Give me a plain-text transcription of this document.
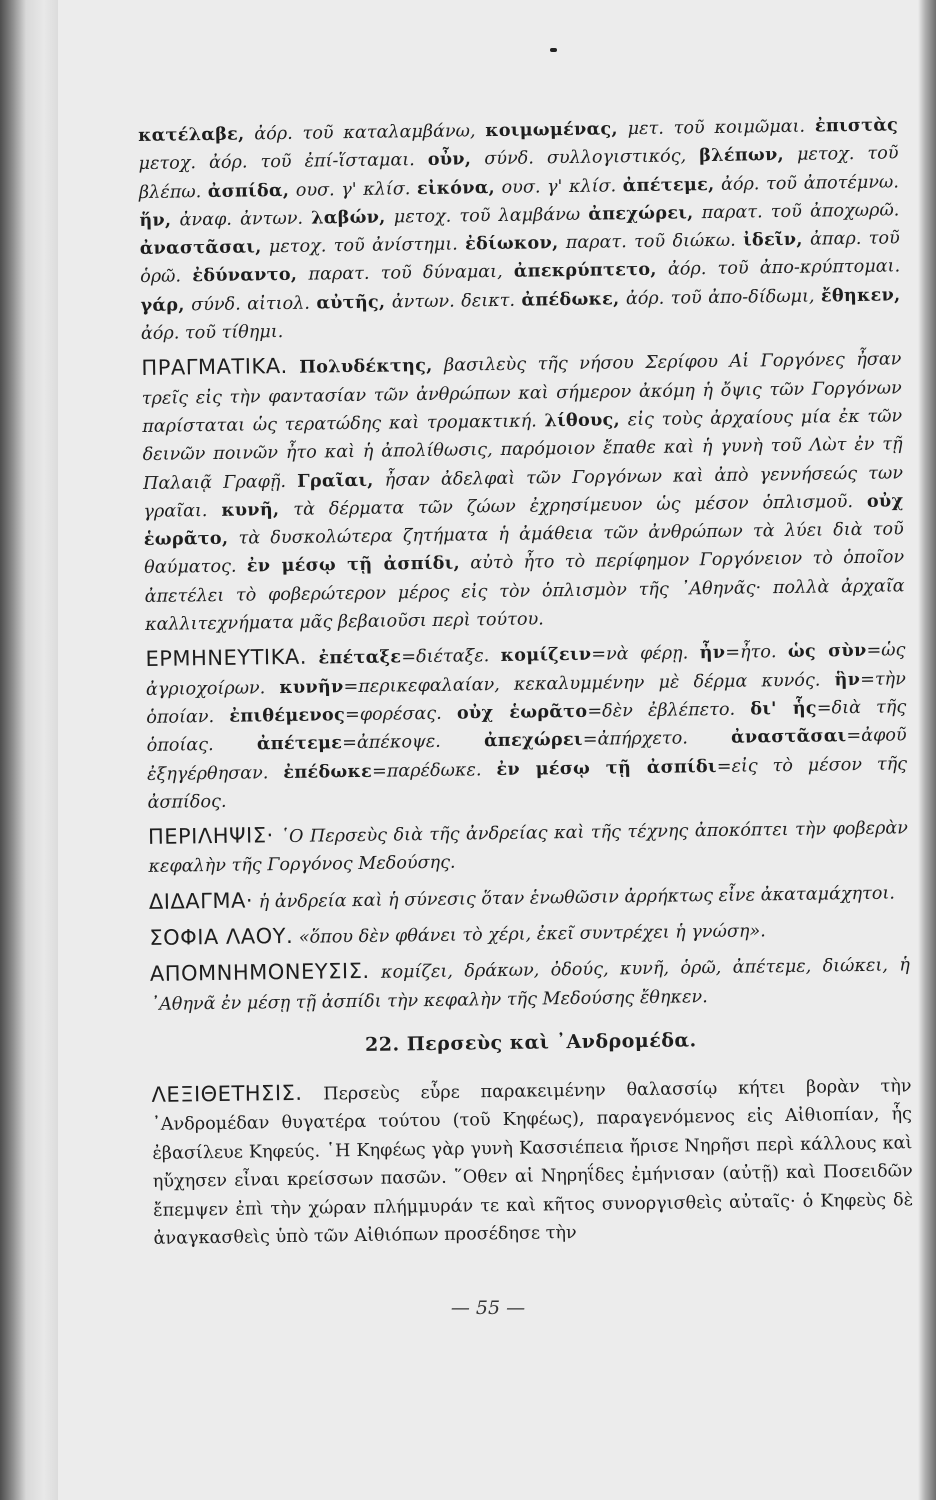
κατέλαβε, ἀόρ. τοῦ καταλαμβάνω, κοιμωμένας, μετ. τοῦ κοιμῶμαι. ἐπιστὰς μετοχ. ἀόρ. τοῦ ἐπί-ἵσταμαι. οὖν, σύνδ. συλλογιστικός, βλέπων, μετοχ. τοῦ βλέπω. ἀσπίδα, ουσ. γ' κλίσ. εἰκόνα, ουσ. γ' κλίσ. ἀπέτεμε, ἀόρ. τοῦ ἀποτέμνω. ἥν, ἀναφ. ἀντων. λαβών, μετοχ. τοῦ λαμβάνω ἀπεχώρει, παρατ. τοῦ ἀποχωρῶ. ἀναστᾶσαι, μετοχ. τοῦ ἀνίστημι. ἐδίωκον, παρατ. τοῦ διώκω. ἰδεῖν, ἀπαρ. τοῦ ὁρῶ. ἐδύναντο, παρατ. τοῦ δύναμαι, ἀπεκρύπτετο, ἀόρ. τοῦ ἀπο-κρύπτομαι. γάρ, σύνδ. αἰτιολ. αὐτῆς, ἀντων. δεικτ. ἀπέδωκε, ἀόρ. τοῦ ἀπο-δίδωμι, ἔθηκεν, ἀόρ. τοῦ τίθημι.

ΠΡΑΓΜΑΤΙΚΑ. Πολυδέκτης, βασιλεὺς τῆς νήσου Σερίφου Αἱ Γοργόνες ἦσαν τρεῖς εἰς τὴν φαντασίαν τῶν ἀνθρώπων καὶ σήμερον ἀκόμη ἡ ὄψις τῶν Γοργόνων παρίσταται ὡς τερατώδης καὶ τρομακτική. λίθους, εἰς τοὺς ἀρχαίους μία ἐκ τῶν δεινῶν ποινῶν ἦτο καὶ ἡ ἀπολίθωσις, παρόμοιον ἔπαθε καὶ ἡ γυνὴ τοῦ Λὼτ ἐν τῇ Παλαιᾷ Γραφῇ. Γραῖαι, ἦσαν ἀδελφαὶ τῶν Γοργόνων καὶ ἀπὸ γεννήσεώς των γραῖαι. κυνῆ, τὰ δέρματα τῶν ζώων ἐχρησίμευον ὡς μέσον ὁπλισμοῦ. οὐχ ἑωρᾶτο, τὰ δυσκολώτερα ζητήματα ἡ ἀμάθεια τῶν ἀνθρώπων τὰ λύει διὰ τοῦ θαύματος. ἐν μέσῳ τῇ ἀσπίδι, αὐτὸ ἦτο τὸ περίφημον Γοργόνειον τὸ ὁποῖον ἀπετέλει τὸ φοβερώτερον μέρος εἰς τὸν ὁπλισμὸν τῆς ᾿Αθηνᾶς· πολλὰ ἀρχαῖα καλλιτεχνήματα μᾶς βεβαιοῦσι περὶ τούτου.

ΕΡΜΗΝΕΥΤΙΚΑ. ἐπέταξε=διέταξε. κομίζειν=νὰ φέρῃ. ἦν=ἦτο. ὡς σὺν=ὡς ἀγριοχοίρων. κυνῆν=περικεφαλαίαν, κεκαλυμμένην μὲ δέρμα κυνός. ἣν=τὴν ὁποίαν. ἐπιθέμενος=φορέσας. οὐχ ἑωρᾶτο=δὲν ἐβλέπετο. δι' ἧς=διὰ τῆς ὁποίας. ἀπέτεμε=ἀπέκοψε. ἀπεχώρει=ἀπήρχετο. ἀναστᾶσαι=ἀφοῦ ἐξηγέρθησαν. ἐπέδωκε=παρέδωκε. ἐν μέσῳ τῇ ἀσπίδι=εἰς τὸ μέσον τῆς ἀσπίδος.

ΠΕΡΙΛΗΨΙΣ· ῾Ο Περσεὺς διὰ τῆς ἀνδρείας καὶ τῆς τέχνης ἀποκόπτει τὴν φοβερὰν κεφαλὴν τῆς Γοργόνος Μεδούσης.

ΔΙΔΑΓΜΑ· ἡ ἀνδρεία καὶ ἡ σύνεσις ὅταν ἑνωθῶσιν ἀρρήκτως εἶνε ἀκαταμάχητοι.

ΣΟΦΙΑ ΛΑΟΥ. «ὅπου δὲν φθάνει τὸ χέρι, ἐκεῖ συντρέχει ἡ γνώση».

ΑΠΟΜΝΗΜΟΝΕΥΣΙΣ. κομίζει, δράκων, ὀδούς, κυνῆ, ὁρῶ, ἀπέτεμε, διώκει, ἡ ᾿Αθηνᾶ ἐν μέσῃ τῇ ἀσπίδι τὴν κεφαλὴν τῆς Μεδούσης ἔθηκεν.

22. Περσεὺς καὶ ᾿Ανδρομέδα.

ΛΕΞΙΘΕΤΗΣΙΣ. Περσεὺς εὗρε παρακειμένην θαλασσίῳ κήτει βορὰν τὴν ᾿Ανδρομέδαν θυγατέρα τούτου (τοῦ Κηφέως), παραγενόμενος εἰς Αἰθιοπίαν, ἧς ἐβασίλευε Κηφεύς. ῾Η Κηφέως γὰρ γυνὴ Κασσιέπεια ἤρισε Νηρῆσι περὶ κάλλους καὶ ηὔχησεν εἶναι κρείσσων πασῶν. ῞Οθεν αἱ Νηρηΐδες ἐμήνισαν (αὐτῇ) καὶ Ποσειδῶν ἔπεμψεν ἐπὶ τὴν χώραν πλήμμυράν τε καὶ κῆτος συνοργισθεὶς αὐταῖς· ὁ Κηφεὺς δὲ ἀναγκασθεὶς ὑπὸ τῶν Αἰθιόπων προσέδησε τὴν

— 55 —
